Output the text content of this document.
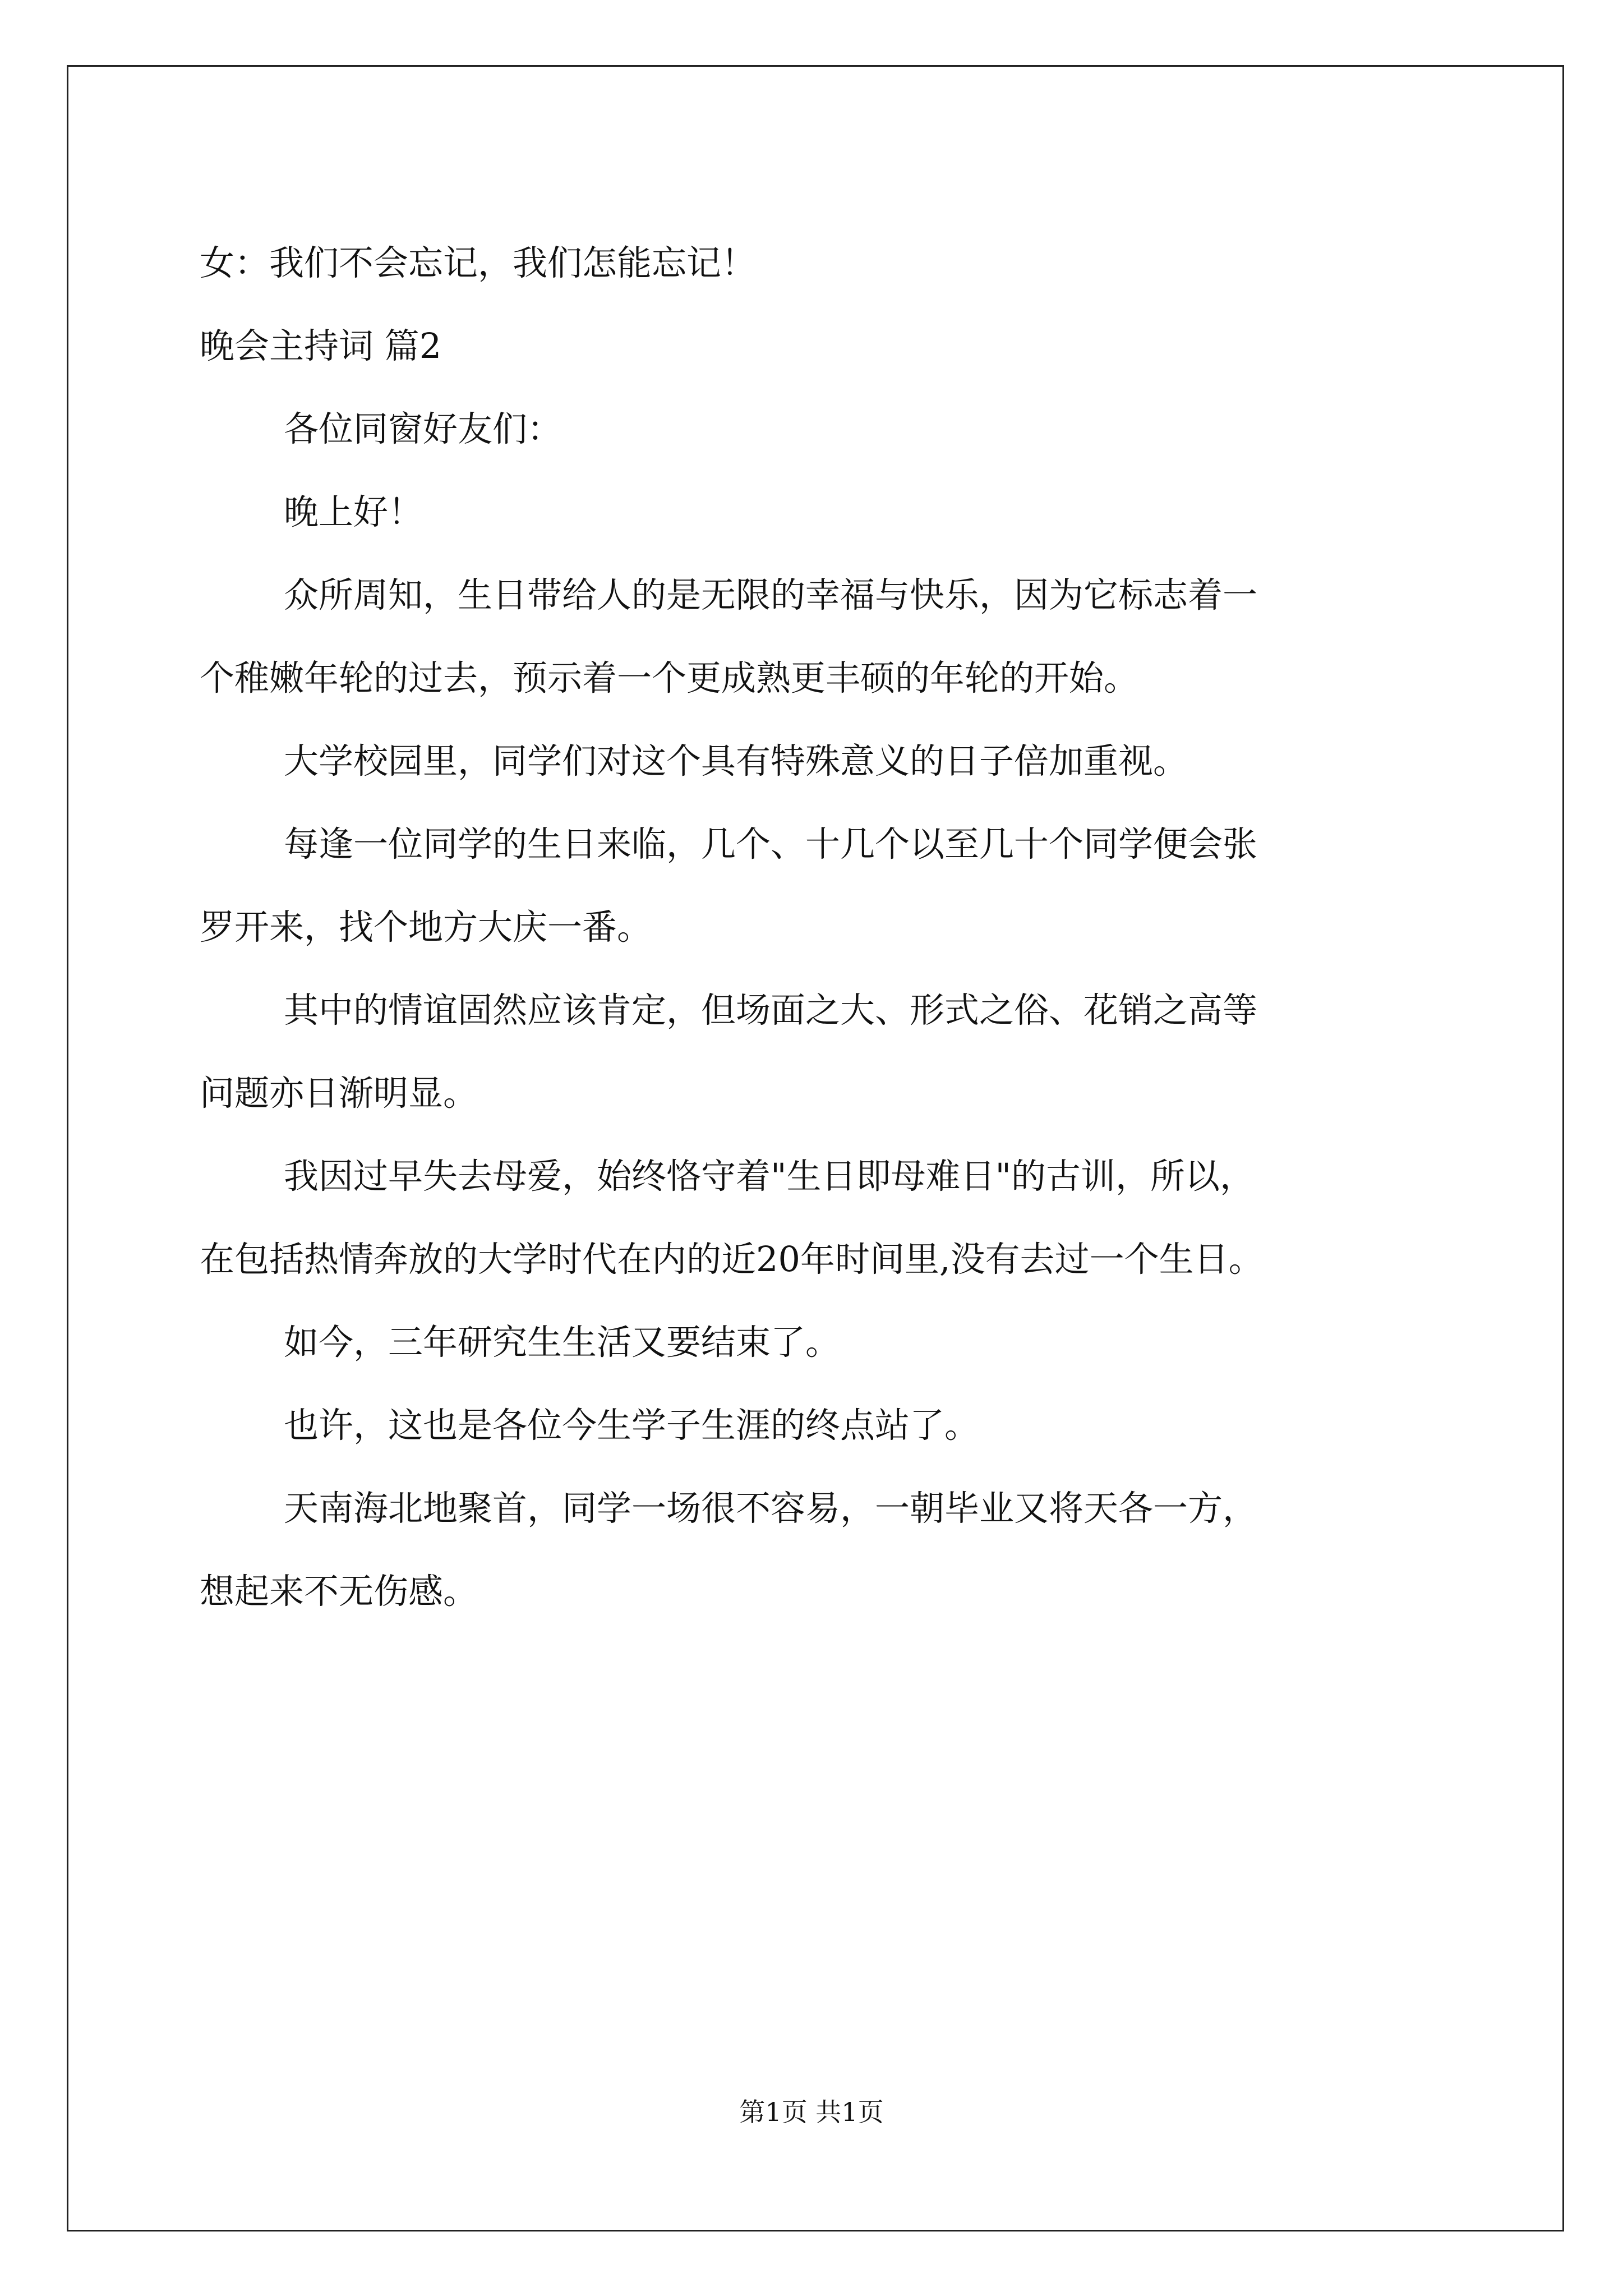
女：我们不会忘记，我们怎能忘记！
晚会主持词 篇2
各位同窗好友们：
晚上好！
众所周知，生日带给人的是无限的幸福与快乐，因为它标志着一
个稚嫩年轮的过去，预示着一个更成熟更丰硕的年轮的开始。
大学校园里，同学们对这个具有特殊意义的日子倍加重视。
每逢一位同学的生日来临，几个、十几个以至几十个同学便会张
罗开来，找个地方大庆一番。
其中的情谊固然应该肯定，但场面之大、形式之俗、花销之高等
问题亦日渐明显。
我因过早失去母爱，始终恪守着"生日即母难日"的古训，所以，
在包括热情奔放的大学时代在内的近20年时间里,没有去过一个生日。
如今，三年研究生生活又要结束了。
也许，这也是各位今生学子生涯的终点站了。
天南海北地聚首，同学一场很不容易，一朝毕业又将天各一方，
想起来不无伤感。
第1页 共1页
